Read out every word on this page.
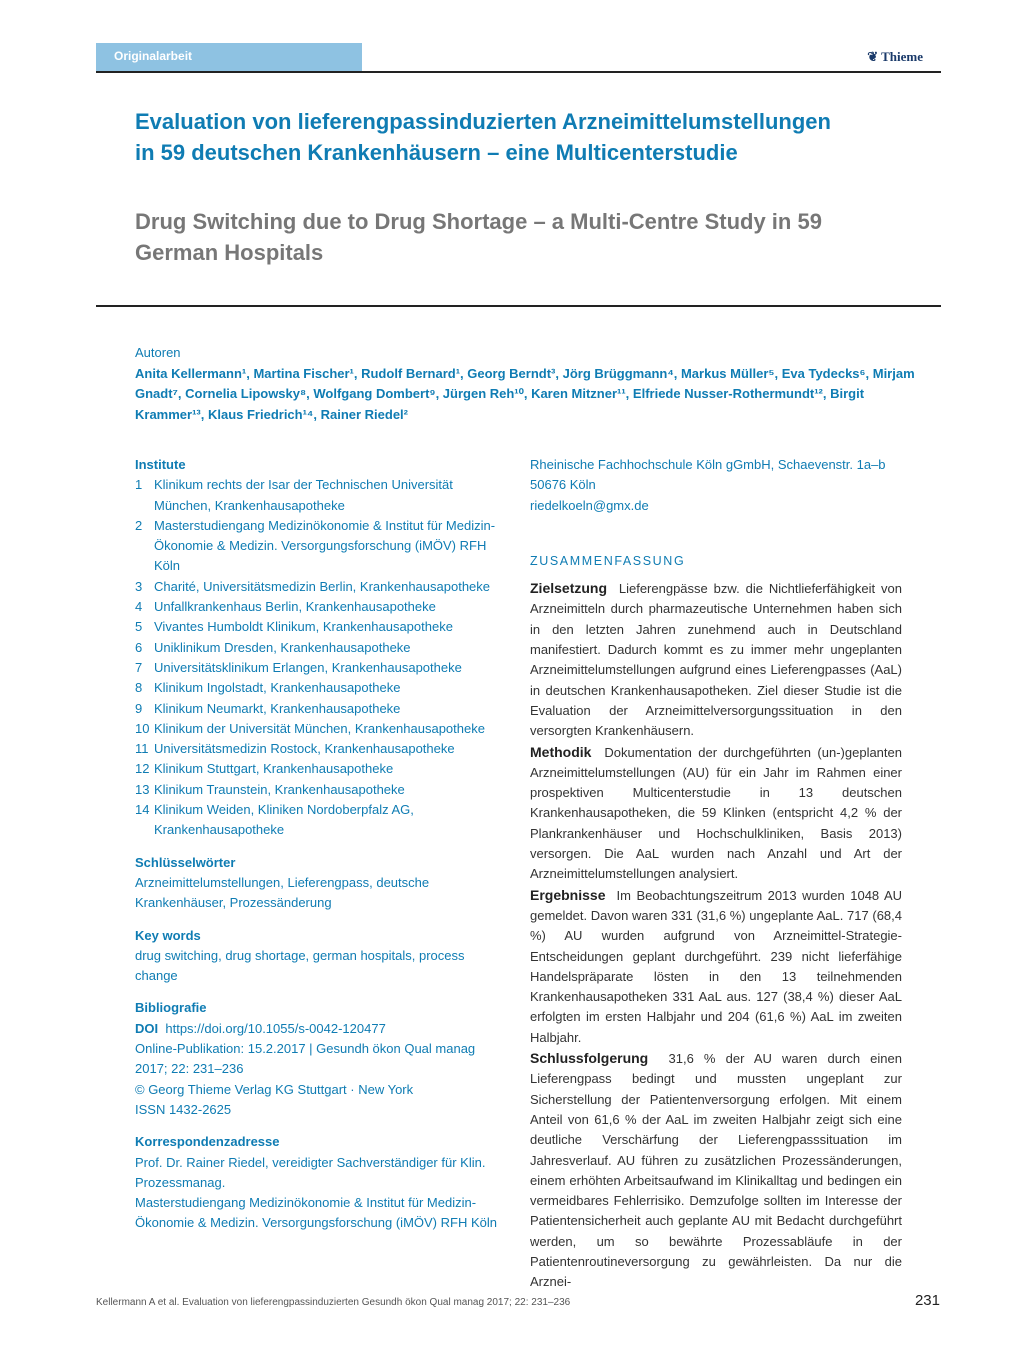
Originalarbeit	❦ Thieme
Evaluation von lieferengpassinduzierten Arzneimittelumstellungen in 59 deutschen Krankenhäusern – eine Multicenterstudie
Drug Switching due to Drug Shortage – a Multi-Centre Study in 59 German Hospitals
Autoren
Anita Kellermann¹, Martina Fischer¹, Rudolf Bernard¹, Georg Berndt³, Jörg Brüggmann⁴, Markus Müller⁵, Eva Tydecks⁶, Mirjam Gnadt⁷, Cornelia Lipowsky⁸, Wolfgang Dombert⁹, Jürgen Reh¹⁰, Karen Mitzner¹¹, Elfriede Nusser-Rothermundt¹², Birgit Krammer¹³, Klaus Friedrich¹⁴, Rainer Riedel²
Institute
1 Klinikum rechts der Isar der Technischen Universität München, Krankenhausapotheke
2 Masterstudiengang Medizinökonomie & Institut für Medizin-Ökonomie & Medizin. Versorgungsforschung (iMÖV) RFH Köln
3 Charité, Universitätsmedizin Berlin, Krankenhausapotheke
4 Unfallkrankenhaus Berlin, Krankenhausapotheke
5 Vivantes Humboldt Klinikum, Krankenhausapotheke
6 Uniklinikum Dresden, Krankenhausapotheke
7 Universitätsklinikum Erlangen, Krankenhausapotheke
8 Klinikum Ingolstadt, Krankenhausapotheke
9 Klinikum Neumarkt, Krankenhausapotheke
10 Klinikum der Universität München, Krankenhausapotheke
11 Universitätsmedizin Rostock, Krankenhausapotheke
12 Klinikum Stuttgart, Krankenhausapotheke
13 Klinikum Traunstein, Krankenhausapotheke
14 Klinikum Weiden, Kliniken Nordoberpfalz AG, Krankenhausapotheke
Schlüsselwörter
Arzneimittelumstellungen, Lieferengpass, deutsche Krankenhäuser, Prozessänderung
Key words
drug switching, drug shortage, german hospitals, process change
Bibliografie
DOI https://doi.org/10.1055/s-0042-120477
Online-Publikation: 15.2.2017 | Gesundh ökon Qual manag 2017; 22: 231–236
© Georg Thieme Verlag KG Stuttgart · New York
ISSN 1432-2625
Korrespondenzadresse
Prof. Dr. Rainer Riedel, vereidigter Sachverständiger für Klin. Prozessmanag.
Masterstudiengang Medizinökonomie & Institut für Medizin-Ökonomie & Medizin. Versorgungsforschung (iMÖV) RFH Köln
Rheinische Fachhochschule Köln gGmbH, Schaevenstr. 1a–b
50676 Köln
riedelkoeln@gmx.de
ZUSAMMENFASSUNG
Zielsetzung Lieferengpässe bzw. die Nichtlieferfähigkeit von Arzneimitteln durch pharmazeutische Unternehmen haben sich in den letzten Jahren zunehmend auch in Deutschland manifestiert. Dadurch kommt es zu immer mehr ungeplanten Arzneimittelumstellungen aufgrund eines Lieferengpasses (AaL) in deutschen Krankenhausapotheken. Ziel dieser Studie ist die Evaluation der Arzneimittelversorgungssituation in den versorgten Krankenhäusern.
Methodik Dokumentation der durchgeführten (un-)geplanten Arzneimittelumstellungen (AU) für ein Jahr im Rahmen einer prospektiven Multicenterstudie in 13 deutschen Krankenhausapotheken, die 59 Klinken (entspricht 4,2 % der Plankrankenhäuser und Hochschulkliniken, Basis 2013) versorgen. Die AaL wurden nach Anzahl und Art der Arzneimittelumstellungen analysiert.
Ergebnisse Im Beobachtungszeitrum 2013 wurden 1048 AU gemeldet. Davon waren 331 (31,6 %) ungeplante AaL. 717 (68,4 %) AU wurden aufgrund von Arzneimittel-Strategie-Entscheidungen geplant durchgeführt. 239 nicht lieferfähige Handelspräparate lösten in den 13 teilnehmenden Krankenhausapotheken 331 AaL aus. 127 (38,4 %) dieser AaL erfolgten im ersten Halbjahr und 204 (61,6 %) AaL im zweiten Halbjahr.
Schlussfolgerung 31,6 % der AU waren durch einen Lieferengpass bedingt und mussten ungeplant zur Sicherstellung der Patientenversorgung erfolgen. Mit einem Anteil von 61,6 % der AaL im zweiten Halbjahr zeigt sich eine deutliche Verschärfung der Lieferengpasssituation im Jahresverlauf. AU führen zu zusätzlichen Prozessänderungen, einem erhöhten Arbeitsaufwand im Klinikalltag und bedingen ein vermeidbares Fehlerrisiko. Demzufolge sollten im Interesse der Patientensicherheit auch geplante AU mit Bedacht durchgeführt werden, um so bewährte Prozessabläufe in der Patientenroutineversorgung zu gewährleisten. Da nur die Arznei-
Kellermann A et al. Evaluation von lieferengpassinduzierten Gesundh ökon Qual manag 2017; 22: 231–236	231
